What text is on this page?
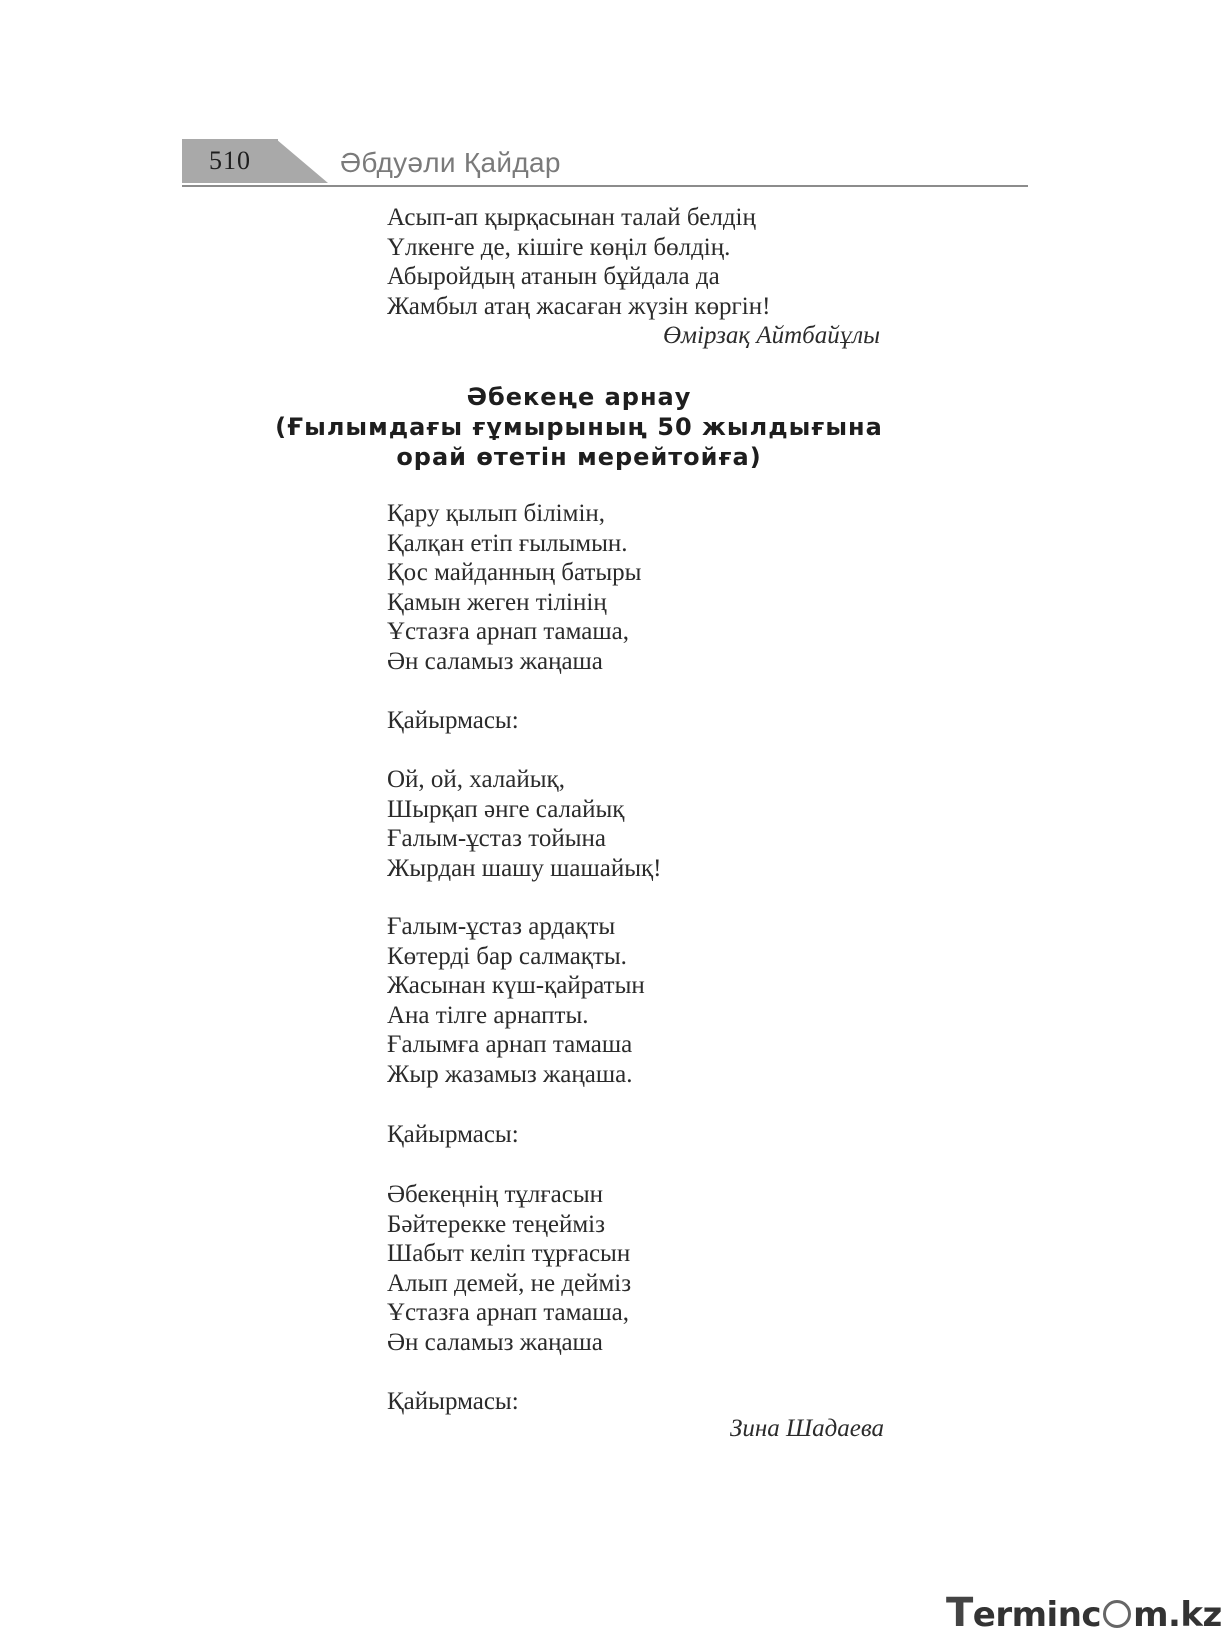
510	Әбдуәли Қайдар
Асып-ап қырқасынан талай белдің
Үлкенге де, кішіге көңіл бөлдің.
Абыройдың атанын бұйдала да
Жамбыл атаң жасаған жүзін көргін!
Өмірзақ Айтбайұлы
Әбекеңе арнау
(Ғылымдағы ғұмырының 50 жылдығына
орай өтетін мерейтойға)
Қару қылып білімін,
Қалқан етіп ғылымын.
Қос майданның батыры
Қамын жеген тілінің
Ұстазға арнап тамаша,
Ән саламыз жаңаша
Қайырмасы:
Ой, ой, халайық,
Шырқап әнге салайық
Ғалым-ұстаз тойына
Жырдан шашу шашайық!
Ғалым-ұстаз ардақты
Көтерді бар салмақты.
Жасынан күш-қайратын
Ана тілге арнапты.
Ғалымға арнап тамаша
Жыр жазамыз жаңаша.
Қайырмасы:
Әбекеңнің тұлғасын
Бәйтерекке теңейміз
Шабыт келіп тұрғасын
Алып демей, не дейміз
Ұстазға арнап тамаша,
Ән саламыз жаңаша
Қайырмасы:
Зина Шадаева
Terminc m.kz
